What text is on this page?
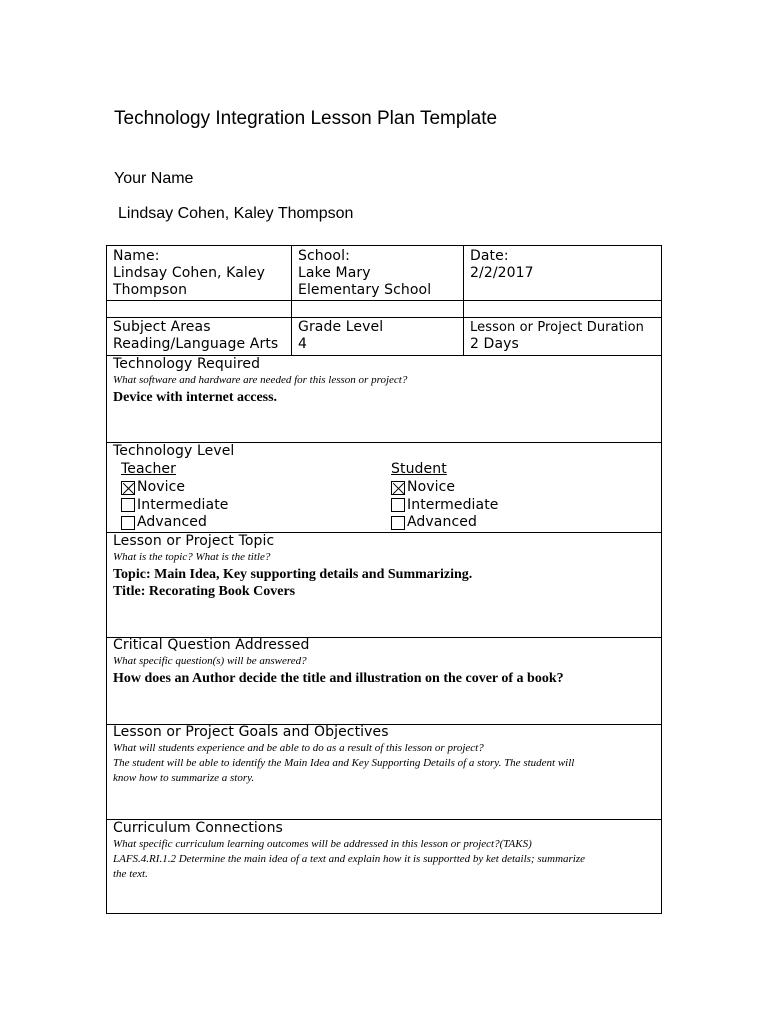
Technology Integration Lesson Plan Template
Your Name
Lindsay Cohen, Kaley Thompson
Name:
Lindsay Cohen, Kaley
Thompson
School:
Lake Mary
Elementary School
Date:
2/2/2017
Subject Areas
Reading/Language Arts
Grade Level
4
Lesson or Project Duration
2 Days
Technology Required
What software and hardware are needed for this lesson or project?
Device with internet access.
Technology Level
Teacher
Novice
Intermediate
Advanced
Student
Novice
Intermediate
Advanced
Lesson or Project Topic
What is the topic? What is the title?
Topic: Main Idea, Key supporting details and Summarizing.
Title: Recorating Book Covers
Critical Question Addressed
What specific question(s) will be answered?
How does an Author decide the title and illustration on the cover of a book?
Lesson or Project Goals and Objectives
What will students experience and be able to do as a result of this lesson or project?
The student will be able to identify the Main Idea and Key Supporting Details of a story. The student will
know how to summarize a story.
Curriculum Connections
What specific curriculum learning outcomes will be addressed in this lesson or project?(TAKS)
LAFS.4.RI.1.2 Determine the main idea of a text and explain how it is supportted by ket details; summarize
the text.
